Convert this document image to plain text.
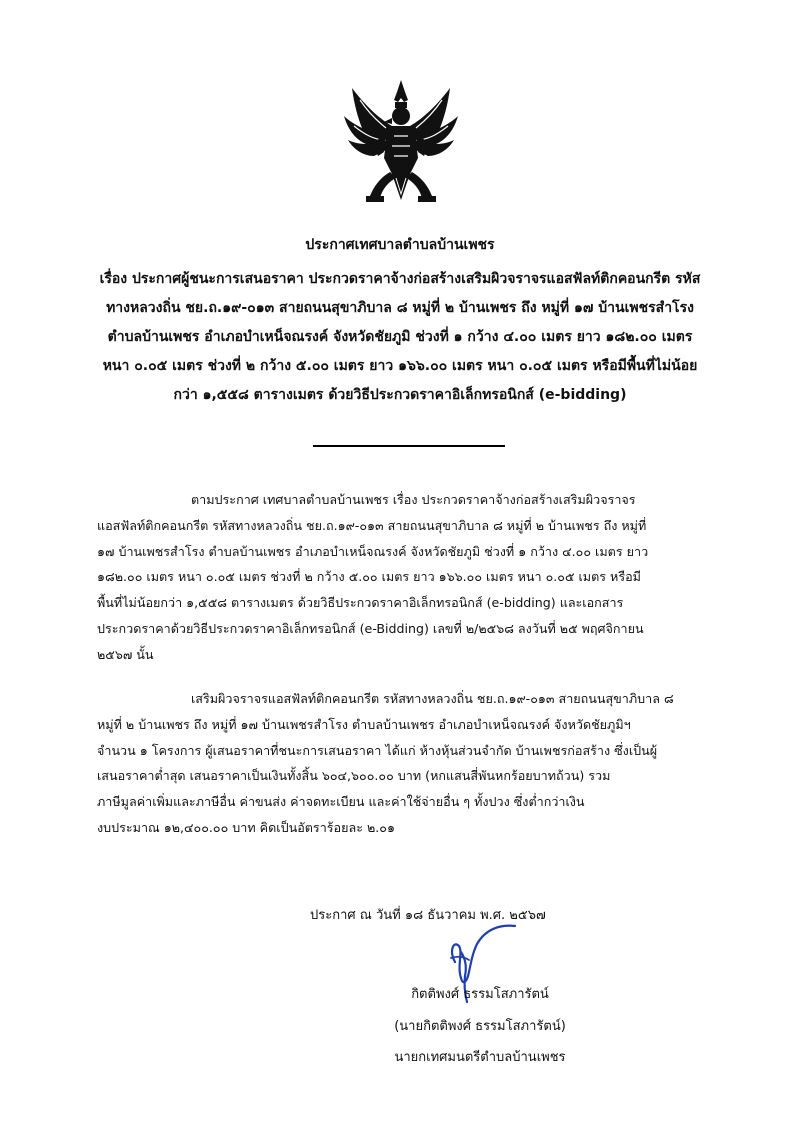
ประกาศเทศบาลตำบลบ้านเพชร
เรื่อง ประกาศผู้ชนะการเสนอราคา ประกวดราคาจ้างก่อสร้างเสริมผิวจราจรแอสฟัลท์ติกคอนกรีต รหัส
ทางหลวงถิ่น ชย.ถ.๑๙-๐๑๓ สายถนนสุขาภิบาล ๘ หมู่ที่ ๒ บ้านเพชร ถึง หมู่ที่ ๑๗ บ้านเพชรสำโรง
ตำบลบ้านเพชร อำเภอบำเหน็จณรงค์ จังหวัดชัยภูมิ ช่วงที่ ๑ กว้าง ๔.๐๐ เมตร ยาว ๑๘๒.๐๐ เมตร
หนา ๐.๐๕ เมตร ช่วงที่ ๒ กว้าง ๕.๐๐ เมตร ยาว ๑๖๖.๐๐ เมตร หนา ๐.๐๕ เมตร หรือมีพื้นที่ไม่น้อย
กว่า ๑,๕๕๘ ตารางเมตร ด้วยวิธีประกวดราคาอิเล็กทรอนิกส์ (e-bidding)
ตามประกาศ เทศบาลตำบลบ้านเพชร เรื่อง ประกวดราคาจ้างก่อสร้างเสริมผิวจราจร
แอสฟัลท์ติกคอนกรีต รหัสทางหลวงถิ่น ชย.ถ.๑๙-๐๑๓ สายถนนสุขาภิบาล ๘ หมู่ที่ ๒ บ้านเพชร ถึง หมู่ที่
๑๗ บ้านเพชรสำโรง ตำบลบ้านเพชร อำเภอบำเหน็จณรงค์ จังหวัดชัยภูมิ ช่วงที่ ๑ กว้าง ๔.๐๐ เมตร ยาว
๑๘๒.๐๐ เมตร หนา ๐.๐๕ เมตร ช่วงที่ ๒ กว้าง ๕.๐๐ เมตร ยาว ๑๖๖.๐๐ เมตร หนา ๐.๐๕ เมตร หรือมี
พื้นที่ไม่น้อยกว่า ๑,๕๕๘ ตารางเมตร ด้วยวิธีประกวดราคาอิเล็กทรอนิกส์ (e-bidding) และเอกสาร
ประกวดราคาด้วยวิธีประกวดราคาอิเล็กทรอนิกส์ (e-Bidding) เลขที่ ๒/๒๕๖๘ ลงวันที่ ๒๕ พฤศจิกายน
๒๕๖๗ นั้น
เสริมผิวจราจรแอสฟัลท์ติกคอนกรีต รหัสทางหลวงถิ่น ชย.ถ.๑๙-๐๑๓ สายถนนสุขาภิบาล ๘
หมู่ที่ ๒ บ้านเพชร ถึง หมู่ที่ ๑๗ บ้านเพชรสำโรง ตำบลบ้านเพชร อำเภอบำเหน็จณรงค์ จังหวัดชัยภูมิฯ
จำนวน ๑ โครงการ ผู้เสนอราคาที่ชนะการเสนอราคา ได้แก่ ห้างหุ้นส่วนจำกัด บ้านเพชรก่อสร้าง ซึ่งเป็นผู้
เสนอราคาต่ำสุด เสนอราคาเป็นเงินทั้งสิ้น ๖๐๔,๖๐๐.๐๐ บาท (หกแสนสี่พันหกร้อยบาทถ้วน) รวม
ภาษีมูลค่าเพิ่มและภาษีอื่น ค่าขนส่ง ค่าจดทะเบียน และค่าใช้จ่ายอื่น ๆ ทั้งปวง ซึ่งต่ำกว่าเงิน
งบประมาณ ๑๒,๔๐๐.๐๐ บาท คิดเป็นอัตราร้อยละ ๒.๐๑
ประกาศ ณ วันที่ ๑๘ ธันวาคม พ.ศ. ๒๕๖๗
กิตติพงศ์ ธรรมโสภารัตน์
(นายกิตติพงศ์ ธรรมโสภารัตน์)
นายกเทศมนตรีตำบลบ้านเพชร
